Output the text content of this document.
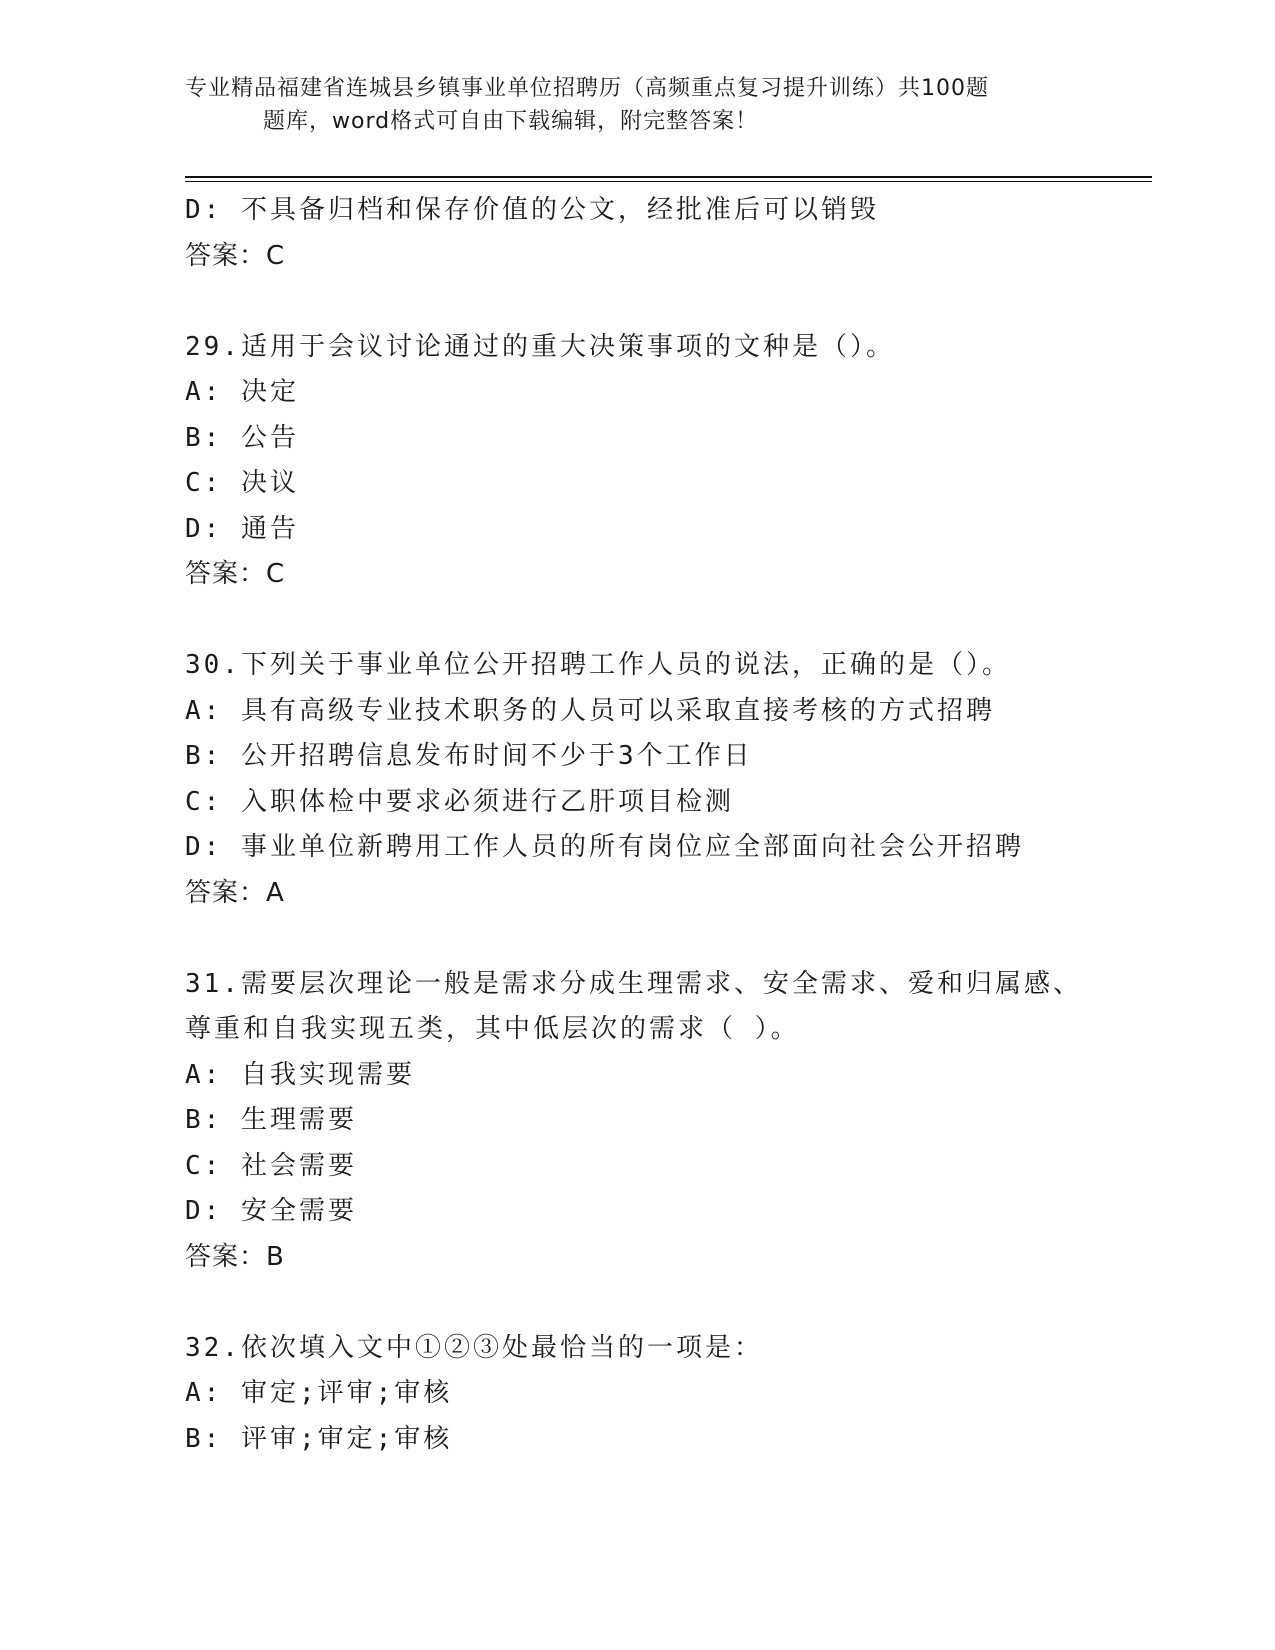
专业精品福建省连城县乡镇事业单位招聘历（高频重点复习提升训练）共100题
题库，word格式可自由下载编辑，附完整答案！
D: 不具备归档和保存价值的公文，经批准后可以销毁
答案：C
29.适用于会议讨论通过的重大决策事项的文种是（）。
A: 决定
B: 公告
C: 决议
D: 通告
答案：C
30.下列关于事业单位公开招聘工作人员的说法，正确的是（）。
A: 具有高级专业技术职务的人员可以采取直接考核的方式招聘
B: 公开招聘信息发布时间不少于3个工作日
C: 入职体检中要求必须进行乙肝项目检测
D: 事业单位新聘用工作人员的所有岗位应全部面向社会公开招聘
答案：A
31.需要层次理论一般是需求分成生理需求、安全需求、爱和归属感、
尊重和自我实现五类，其中低层次的需求（ ）。
A: 自我实现需要
B: 生理需要
C: 社会需要
D: 安全需要
答案：B
32.依次填入文中①②③处最恰当的一项是：
A: 审定;评审;审核
B: 评审;审定;审核
